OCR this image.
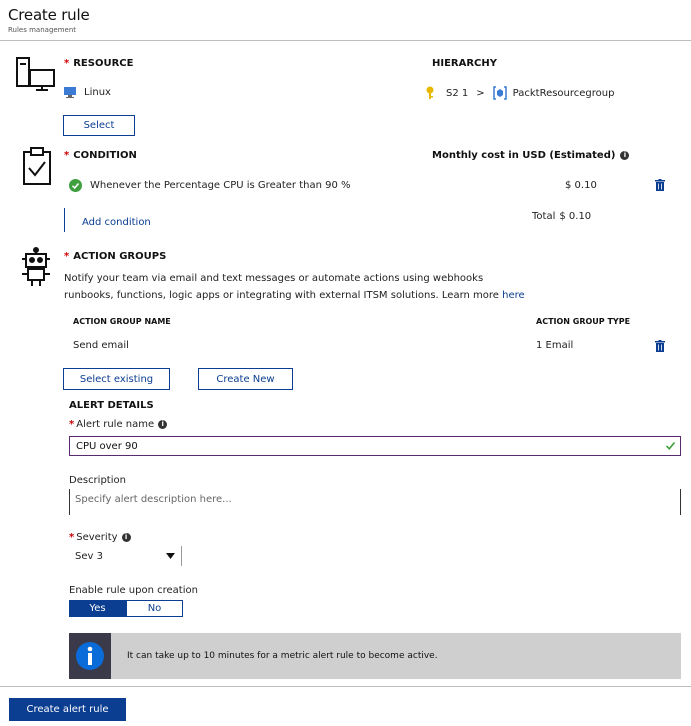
Create rule
Rules management
* RESOURCE	HIERARCHY
Linux	S2 1 >	PacktResourcegroup
Select
* CONDITION	Monthly cost in USD (Estimated)	i
Whenever the Percentage CPU is Greater than 90 %	$ 0.10
Add condition
Total $ 0.10
* ACTION GROUPS
Notify your team via email and text messages or automate actions using webhooks
runbooks, functions, logic apps or integrating with external ITSM solutions. Learn more here
ACTION GROUP NAME	ACTION GROUP TYPE
Send email	1 Email
Select existing	Create New
ALERT DETAILS
* Alert rule name	i
CPU over 90
Description
Specify alert description here...
* Severity	i
Sev 3
Enable rule upon creation
Yes	No
It can take up to 10 minutes for a metric alert rule to become active.
Create alert rule
